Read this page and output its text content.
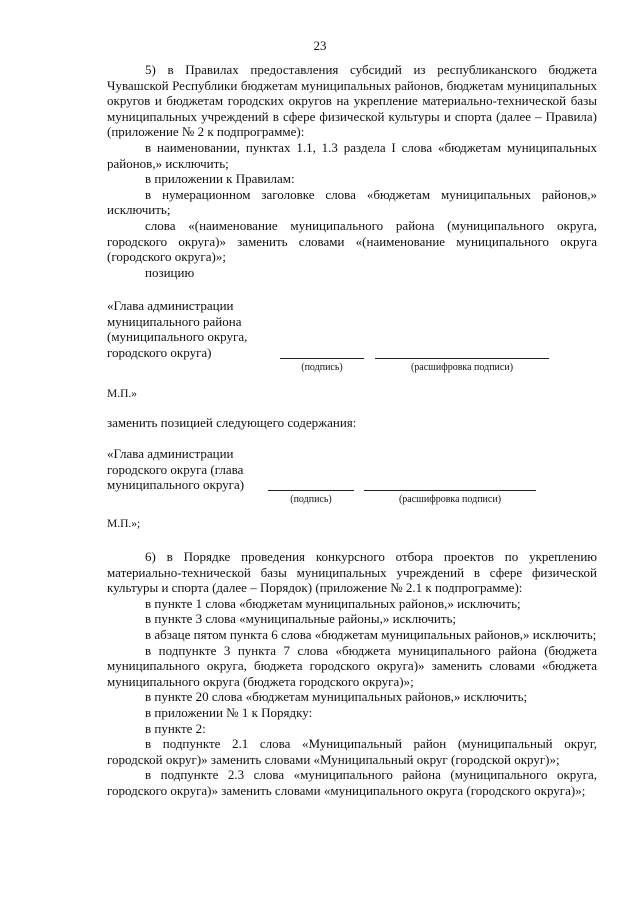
23

5) в Правилах предоставления субсидий из республиканского бюджета Чувашской Республики бюджетам муниципальных районов, бюджетам муниципальных округов и бюджетам городских округов на укрепление материально-технической базы муниципальных учреждений в сфере физической культуры и спорта (далее – Правила) (приложение № 2 к подпрограмме):

в наименовании, пунктах 1.1, 1.3 раздела I слова «бюджетам муниципальных районов,» исключить;

в приложении к Правилам:

в нумерационном заголовке слова «бюджетам муниципальных районов,» исключить;

слова «(наименование муниципального района (муниципального округа, городского округа)» заменить словами «(наименование муниципального округа (городского округа)»;

позицию

«Глава администрации
муниципального района
(муниципального округа,
городского округа)
(подпись)	(расшифровка подписи)
М.П.»
заменить позицией следующего содержания:
«Глава администрации
городского округа (глава
муниципального округа)
(подпись)	(расшифровка подписи)
М.П.»;

6) в Порядке проведения конкурсного отбора проектов по укреплению материально-технической базы муниципальных учреждений в сфере физической культуры и спорта (далее – Порядок) (приложение № 2.1 к подпрограмме):

в пункте 1 слова «бюджетам муниципальных районов,» исключить;

в пункте 3 слова «муниципальные районы,» исключить;

в абзаце пятом пункта 6 слова «бюджетам муниципальных районов,» исключить;

в подпункте 3 пункта 7 слова «бюджета муниципального района (бюджета муниципального округа, бюджета городского округа)» заменить словами «бюджета муниципального округа (бюджета городского округа)»;

в пункте 20 слова «бюджетам муниципальных районов,» исключить;

в приложении № 1 к Порядку:

в пункте 2:

в подпункте 2.1 слова «Муниципальный район (муниципальный округ, городской округ)» заменить словами «Муниципальный округ (городской округ)»;

в подпункте 2.3 слова «муниципального района (муниципального округа, городского округа)» заменить словами «муниципального округа (городского округа)»;
